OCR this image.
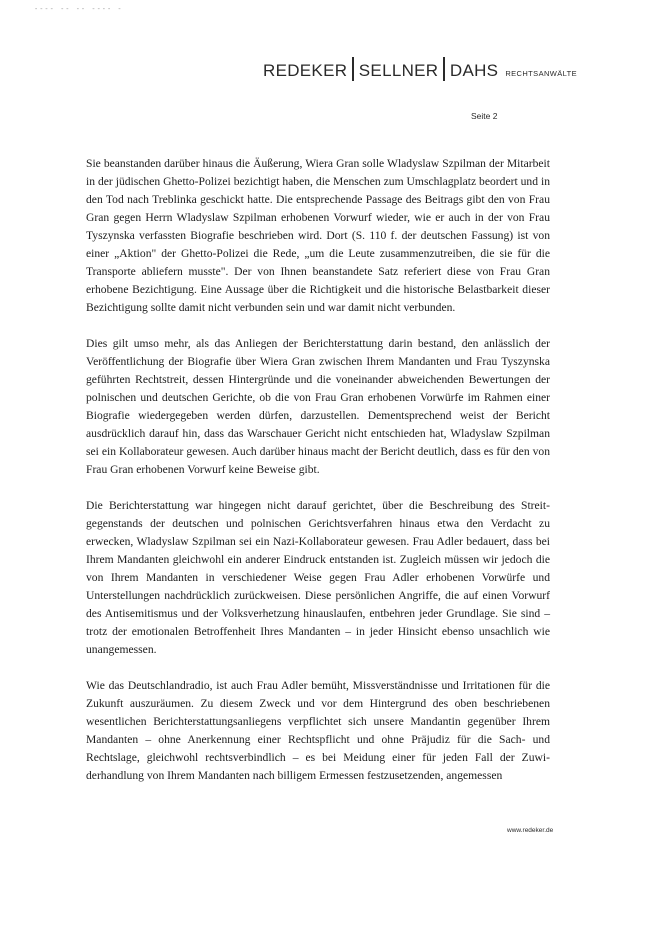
---- -- -- ---- -
REDEKER SELLNER DAHS RECHTSANWÄLTE
Seite 2

Sie beanstanden darüber hinaus die Äußerung, Wiera Gran solle Wladyslaw Szpilman der Mitarbeit in der jüdischen Ghetto-Polizei bezichtigt haben, die Menschen zum Umschlagplatz beordert und in den Tod nach Treblinka geschickt hatte. Die entsprechende Passage des Beitrags gibt den von Frau Gran gegen Herrn Wladyslaw Szpilman erhobenen Vorwurf wieder, wie er auch in der von Frau Tyszynska verfassten Biografie beschrieben wird. Dort (S. 110 f. der deutschen Fassung) ist von einer „Aktion" der Ghetto-Polizei die Rede, „um die Leute zusammenzutreiben, die sie für die Transporte abliefern musste". Der von Ihnen beanstandete Satz referiert diese von Frau Gran erhobene Bezichtigung. Eine Aussage über die Richtigkeit und die historische Belastbarkeit dieser Bezichtigung sollte damit nicht verbunden sein und war damit nicht verbunden.

Dies gilt umso mehr, als das Anliegen der Berichterstattung darin bestand, den anlässlich der Veröffentlichung der Biografie über Wiera Gran zwischen Ihrem Mandanten und Frau Tyszynska geführten Rechtstreit, dessen Hintergründe und die voneinander abweichenden Bewertungen der polnischen und deutschen Gerichte, ob die von Frau Gran erhobenen Vorwürfe im Rahmen einer Biografie wiedergegeben werden dürfen, darzustellen. Dementsprechend weist der Bericht ausdrücklich darauf hin, dass das Warschauer Gericht nicht entschieden hat, Wladyslaw Szpilman sei ein Kollaborateur gewesen. Auch darüber hinaus macht der Bericht deutlich, dass es für den von Frau Gran erhobenen Vorwurf keine Beweise gibt.

Die Berichterstattung war hingegen nicht darauf gerichtet, über die Beschreibung des Streitgegenstands der deutschen und polnischen Gerichtsverfahren hinaus etwa den Verdacht zu erwecken, Wladyslaw Szpilman sei ein Nazi-Kollaborateur gewesen. Frau Adler bedauert, dass bei Ihrem Mandanten gleichwohl ein anderer Eindruck entstanden ist. Zugleich müssen wir jedoch die von Ihrem Mandanten in verschiedener Weise gegen Frau Adler erhobenen Vorwürfe und Unterstellungen nachdrücklich zurückweisen. Diese persönlichen Angriffe, die auf einen Vorwurf des Antisemitismus und der Volksverhetzung hinauslaufen, entbehren jeder Grundlage. Sie sind – trotz der emotionalen Betroffenheit Ihres Mandanten – in jeder Hinsicht ebenso unsachlich wie unangemessen.

Wie das Deutschlandradio, ist auch Frau Adler bemüht, Missverständnisse und Irritationen für die Zukunft auszuräumen. Zu diesem Zweck und vor dem Hintergrund des oben beschriebenen wesentlichen Berichterstattungsanliegens verpflichtet sich unsere Mandantin gegenüber Ihrem Mandanten – ohne Anerkennung einer Rechtspflicht und ohne Präjudiz für die Sach- und Rechtslage, gleichwohl rechtsverbindlich – es bei Meidung einer für jeden Fall der Zuwiderhandlung von Ihrem Mandanten nach billigem Ermessen festzusetzenden, angemessen

www.redeker.de
